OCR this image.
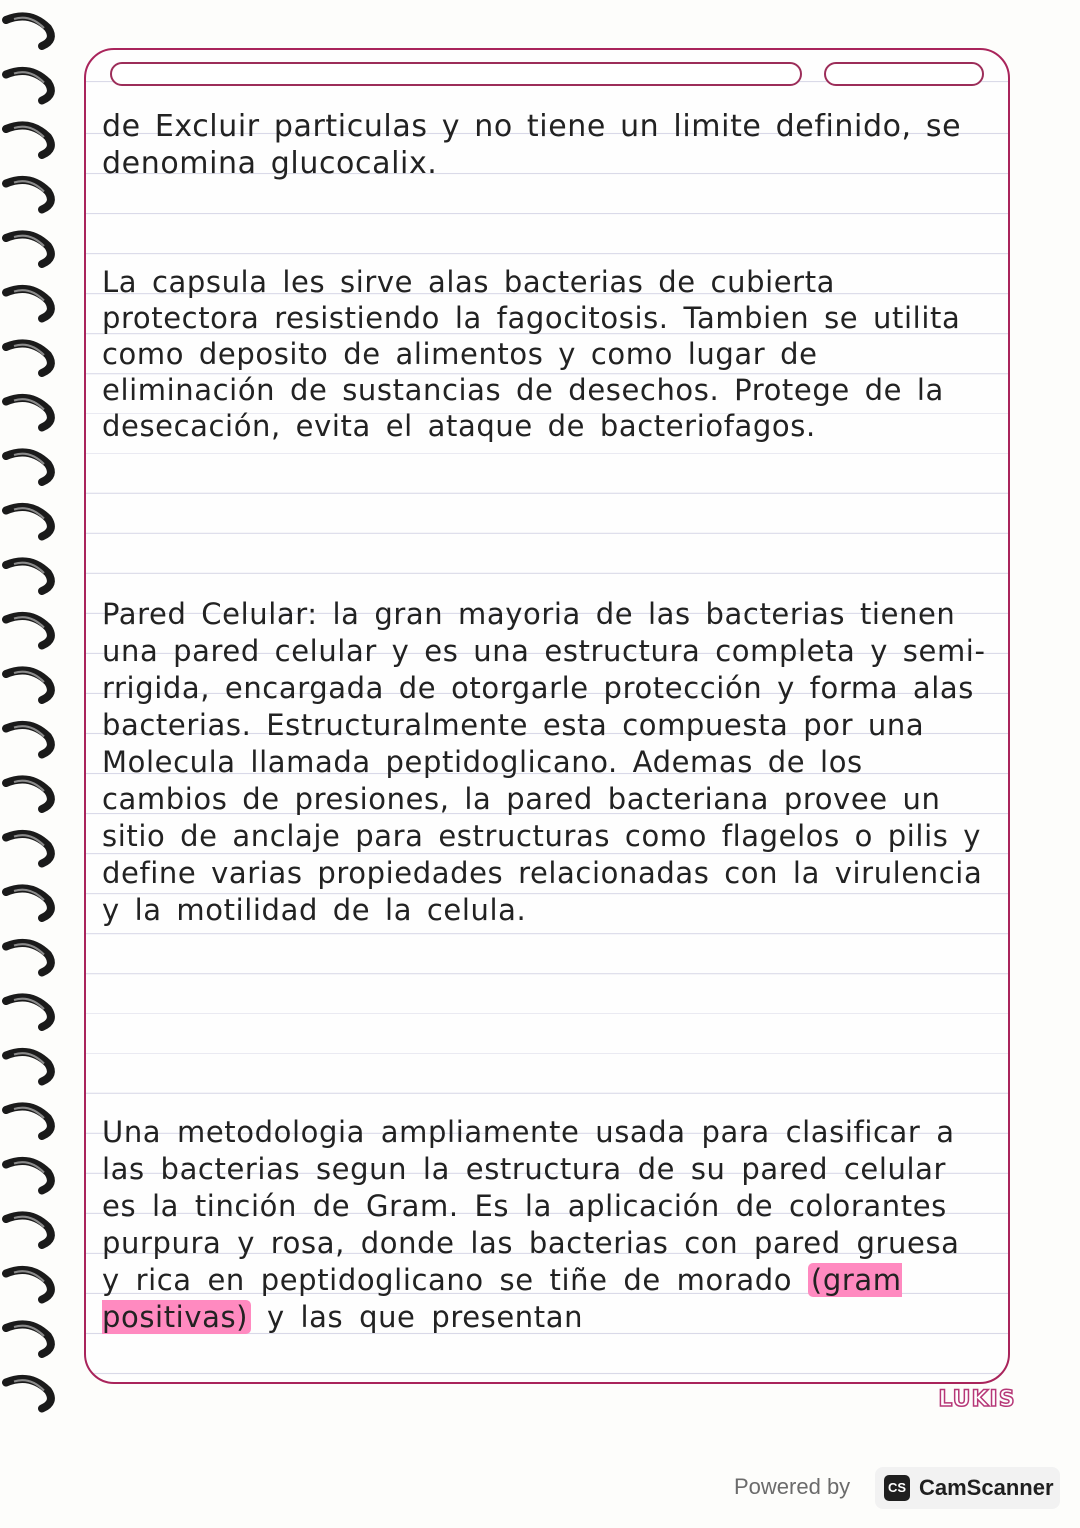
de Excluir particulas y no tiene un limite definido, se denomina glucocalix.
La capsula les sirve alas bacterias de cubierta protectora resistiendo la fagocitosis. Tambien se utilita como deposito de alimentos y como lugar de eliminación de sustancias de desechos. Protege de la desecación, evita el ataque de bacteriofagos.
Pared Celular: la gran mayoria de las bacterias tienen una pared celular y es una estructura completa y semi-rrigida, encargada de otorgarle protección y forma alas bacterias. Estructuralmente esta compuesta por una Molecula llamada peptidoglicano. Ademas de los cambios de presiones, la pared bacteriana provee un sitio de anclaje para estructuras como flagelos o pilis y define varias propiedades relacionadas con la virulencia y la motilidad de la celula.
Una metodologia ampliamente usada para clasificar a las bacterias segun la estructura de su pared celular es la tinción de Gram. Es la aplicación de colorantes purpura y rosa, donde las bacterias con pared gruesa y rica en peptidoglicano se tiñe de morado (gram positivas) y las que presentan
LUKIS
Powered by	CS CamScanner
